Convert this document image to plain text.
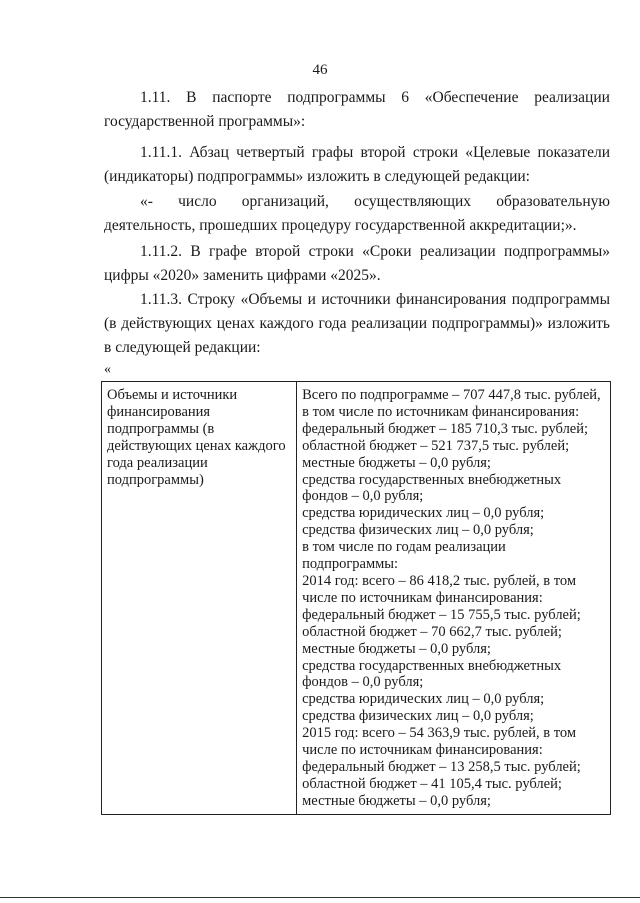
46
1.11. В паспорте подпрограммы 6 «Обеспечение реализации
государственной программы»:

1.11.1. Абзац четвертый графы второй строки «Целевые показатели (индикаторы) подпрограммы» изложить в следующей редакции:

«- число организаций, осуществляющих образовательную деятельность, прошедших процедуру государственной аккредитации;».

1.11.2. В графе второй строки «Сроки реализации подпрограммы» цифры «2020» заменить цифрами «2025».

1.11.3. Строку «Объемы и источники финансирования подпрограммы (в действующих ценах каждого года реализации подпрограммы)» изложить в следующей редакции:

«
Объемы и источники
финансирования
подпрограммы (в
действующих ценах каждого
года реализации
подпрограммы)

Всего по подпрограмме – 707 447,8 тыс. рублей,
в том числе по источникам финансирования:
федеральный бюджет – 185 710,3 тыс. рублей;
областной бюджет – 521 737,5 тыс. рублей;
местные бюджеты – 0,0 рубля;
средства государственных внебюджетных
фондов – 0,0 рубля;
средства юридических лиц – 0,0 рубля;
средства физических лиц – 0,0 рубля;
в том числе по годам реализации
подпрограммы:
2014 год: всего – 86 418,2 тыс. рублей, в том
числе по источникам финансирования:
федеральный бюджет – 15 755,5 тыс. рублей;
областной бюджет – 70 662,7 тыс. рублей;
местные бюджеты – 0,0 рубля;
средства государственных внебюджетных
фондов – 0,0 рубля;
средства юридических лиц – 0,0 рубля;
средства физических лиц – 0,0 рубля;
2015 год: всего – 54 363,9 тыс. рублей, в том
числе по источникам финансирования:
федеральный бюджет – 13 258,5 тыс. рублей;
областной бюджет – 41 105,4 тыс. рублей;
местные бюджеты – 0,0 рубля;
